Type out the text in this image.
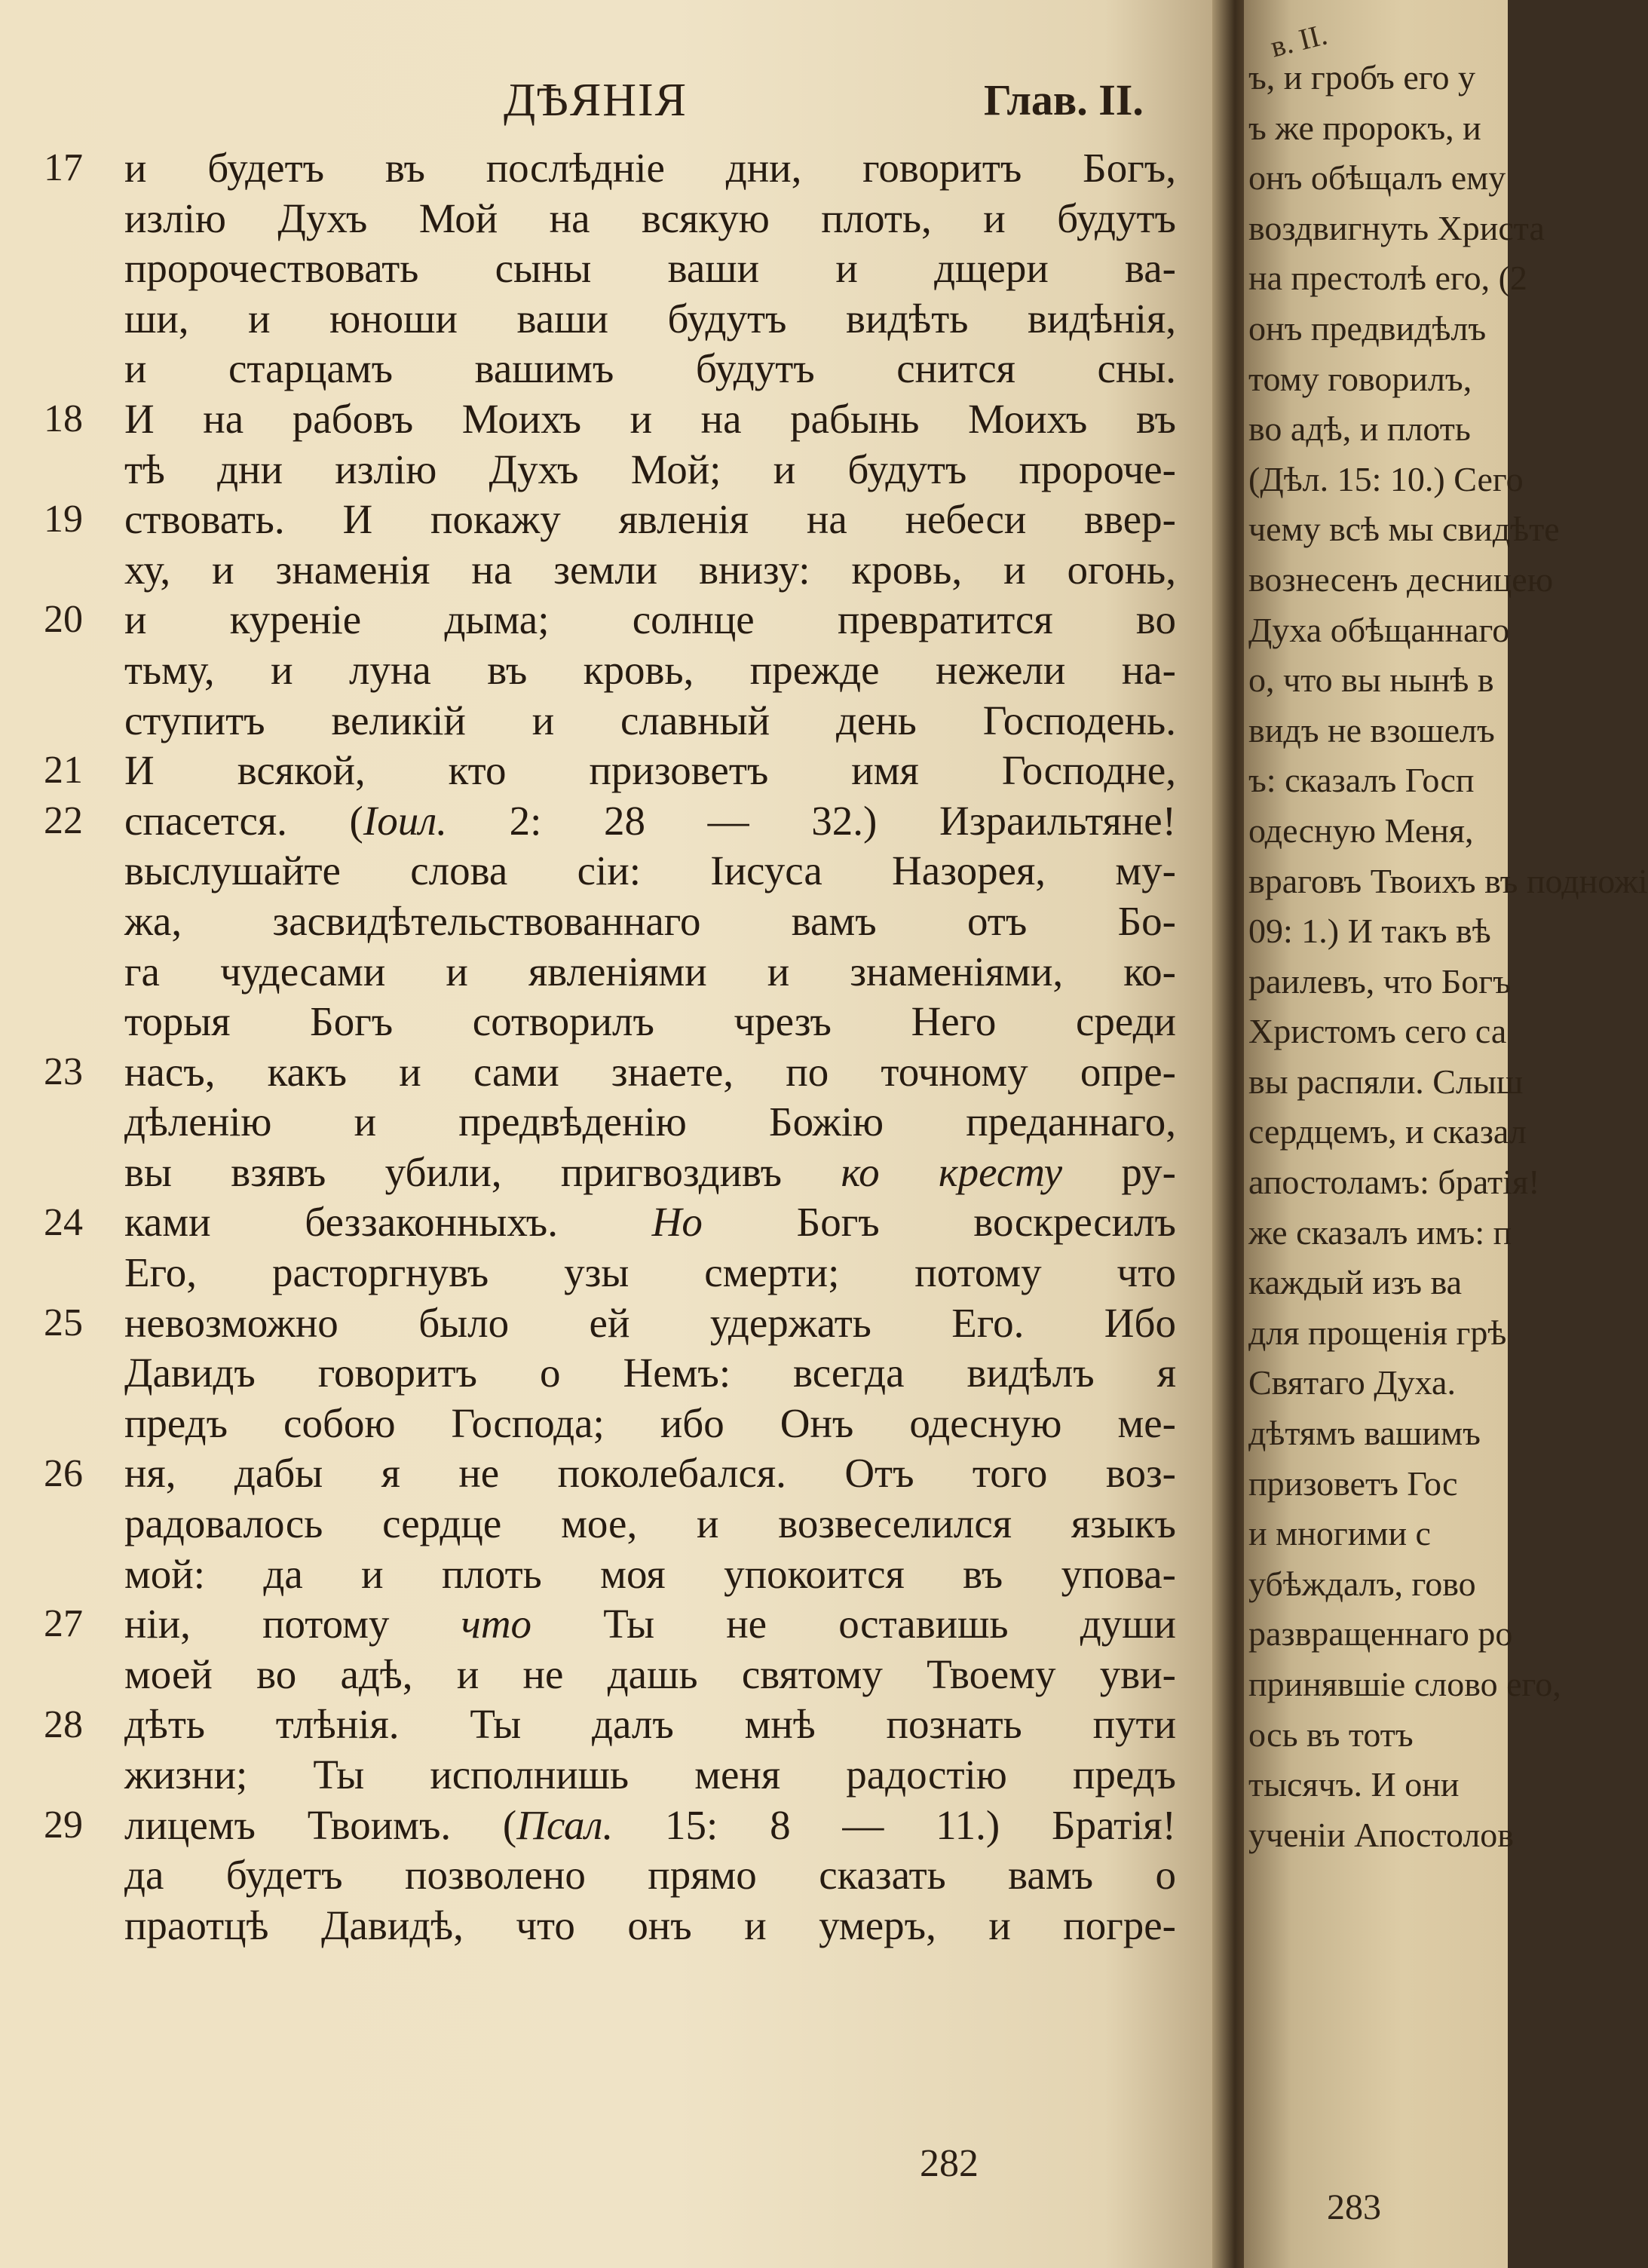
ДѢЯНІЯ	Глав. II.
17
18
19
20
21
22
23
24
25
26
27
28
29
и будетъ въ послѣдніе дни, говоритъ Богъ,
излію Духъ Мой на всякую плоть, и будутъ
пророчествовать сыны ваши и дщери ва-
ши, и юноши ваши будутъ видѣть видѣнія,
и старцамъ вашимъ будутъ снится сны.
И на рабовъ Моихъ и на рабынь Моихъ въ
тѣ дни излію Духъ Мой; и будутъ пророче-
ствовать. И покажу явленія на небеси ввер-
ху, и знаменія на земли внизу: кровь, и огонь,
и куреніе дыма; солнце превратится во
тьму, и луна въ кровь, прежде нежели на-
ступитъ великій и славный день Господень.
И всякой, кто призоветъ имя Господне,
спасется. (Іоил. 2: 28 — 32.) Израильтяне!
выслушайте слова сіи: Іисуса Назорея, му-
жа, засвидѣтельствованнаго вамъ отъ Бо-
га чудесами и явленіями и знаменіями, ко-
торыя Богъ сотворилъ чрезъ Него среди
насъ, какъ и сами знаете, по точному опре-
дѣленію и предвѣденію Божію преданнаго,
вы взявъ убили, пригвоздивъ ко кресту ру-
ками беззаконныхъ. Но Богъ воскресилъ
Его, расторгнувъ узы смерти; потому что
невозможно было ей удержать Его. Ибо
Давидъ говоритъ о Немъ: всегда видѣлъ я
предъ собою Господа; ибо Онъ одесную ме-
ня, дабы я не поколебался. Отъ того воз-
радовалось сердце мое, и возвеселился языкъ
мой: да и плоть моя упокоится въ упова-
ніи, потому что Ты не оставишь души
моей во адѣ, и не дашь святому Твоему уви-
дѣть тлѣнія. Ты далъ мнѣ познать пути
жизни; Ты исполнишь меня радостію предъ
лицемъ Твоимъ. (Псал. 15: 8 — 11.) Братія!
да будетъ позволено прямо сказать вамъ о
праотцѣ Давидѣ, что онъ и умеръ, и погре-
282
в. II.
ъ, и гробъ его у
ъ же пророкъ, и
онъ обѣщалъ ему
воздвигнуть Христа
на престолѣ его, (2
онъ предвидѣлъ
тому говорилъ,
во адѣ, и плоть
(Дѣл. 15: 10.) Сего
чему всѣ мы свидѣте
вознесенъ десницею
Духа обѣщаннаго
о, что вы нынѣ в
видъ не взошелъ
ъ: сказалъ Госп
одесную Меня,
враговъ Твоихъ въ подножі
09: 1.) И такъ вѣ
раилевъ, что Богъ
Христомъ сего са
вы распяли. Слыш
сердцемъ, и сказал
апостоламъ: братія!
же сказалъ имъ: п
каждый изъ ва
для прощенія грѣ
Святаго Духа.
дѣтямъ вашимъ
призоветъ Гос
и многими с
убѣждалъ, гово
развращеннаго ро
принявшіе слово его,
ось въ тотъ
тысячъ. И они
ученіи Апостолов
283
